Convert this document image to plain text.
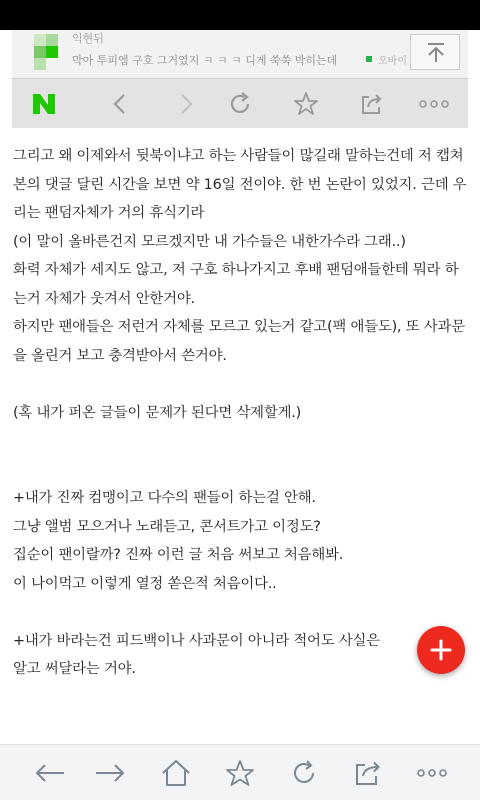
익현뒤
막아 투피엠 구호 그거였지 ㅋ ㅋ ㅋ 디게 쑥쑥 박히는데	오바이

그리고 왜 이제와서 뒷북이냐고 하는 사람들이 많길래 말하는건데 저 캡쳐본의 댓글 달린 시간을 보면 약 16일 전이야. 한 번 논란이 있었지. 근데 우리는 팬덤자체가 거의 휴식기라

(이 말이 올바른건지 모르겠지만 내 가수들은 내한가수라 그래..)

화력 자체가 세지도 않고, 저 구호 하나가지고 후배 팬덤애들한테 뭐라 하는거 자체가 웃겨서 안한거야.

하지만 팬애들은 저런거 자체를 모르고 있는거 같고(팩 애들도), 또 사과문을 올린거 보고 충격받아서 쓴거야.

(혹 내가 퍼온 글들이 문제가 된다면 삭제할게.)

+내가 진짜 컴맹이고 다수의 팬들이 하는걸 안해.

그냥 앨범 모으거나 노래듣고, 콘서트가고 이정도?

집순이 팬이랄까? 진짜 이런 글 처음 써보고 처음해봐.

이 나이먹고 이렇게 열정 쏟은적 처음이다..

+내가 바라는건 피드백이나 사과문이 아니라 적어도 사실은

알고 써달라는 거야.
